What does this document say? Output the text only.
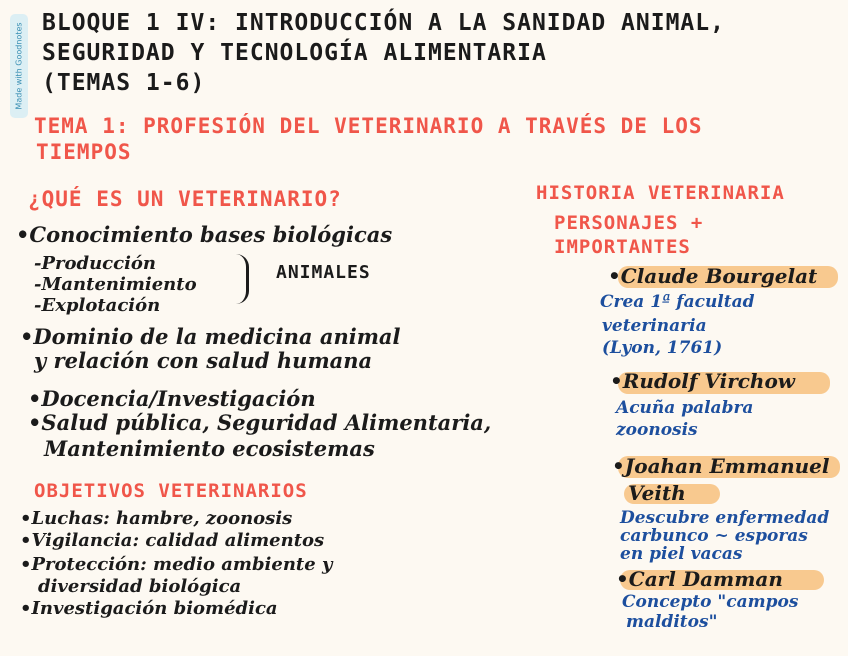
Made with Goodnotes BLOQUE 1 IV: INTRODUCCIÓN A LA SANIDAD ANIMAL,
SEGURIDAD Y TECNOLOGÍA ALIMENTARIA
(TEMAS 1-6)
TEMA 1: PROFESIÓN DEL VETERINARIO A TRAVÉS DE LOS
TIEMPOS
¿QUÉ ES UN VETERINARIO?
•Conocimiento bases biológicas
-Producción
-Mantenimiento
-Explotación
ANIMALES
•Dominio de la medicina animal
y relación con salud humana
•Docencia/Investigación
•Salud pública, Seguridad Alimentaria,
Mantenimiento ecosistemas
OBJETIVOS VETERINARIOS
•Luchas: hambre, zoonosis
•Vigilancia: calidad alimentos
•Protección: medio ambiente y
diversidad biológica
•Investigación biomédica
HISTORIA VETERINARIA
PERSONAJES +
IMPORTANTES
•Claude Bourgelat
Crea 1ª facultad
veterinaria
(Lyon, 1761)
•Rudolf Virchow
Acuña palabra
zoonosis
•Joahan Emmanuel
Veith
Descubre enfermedad
carbunco ~ esporas
en piel vacas
•Carl Damman
Concepto "campos
malditos"
